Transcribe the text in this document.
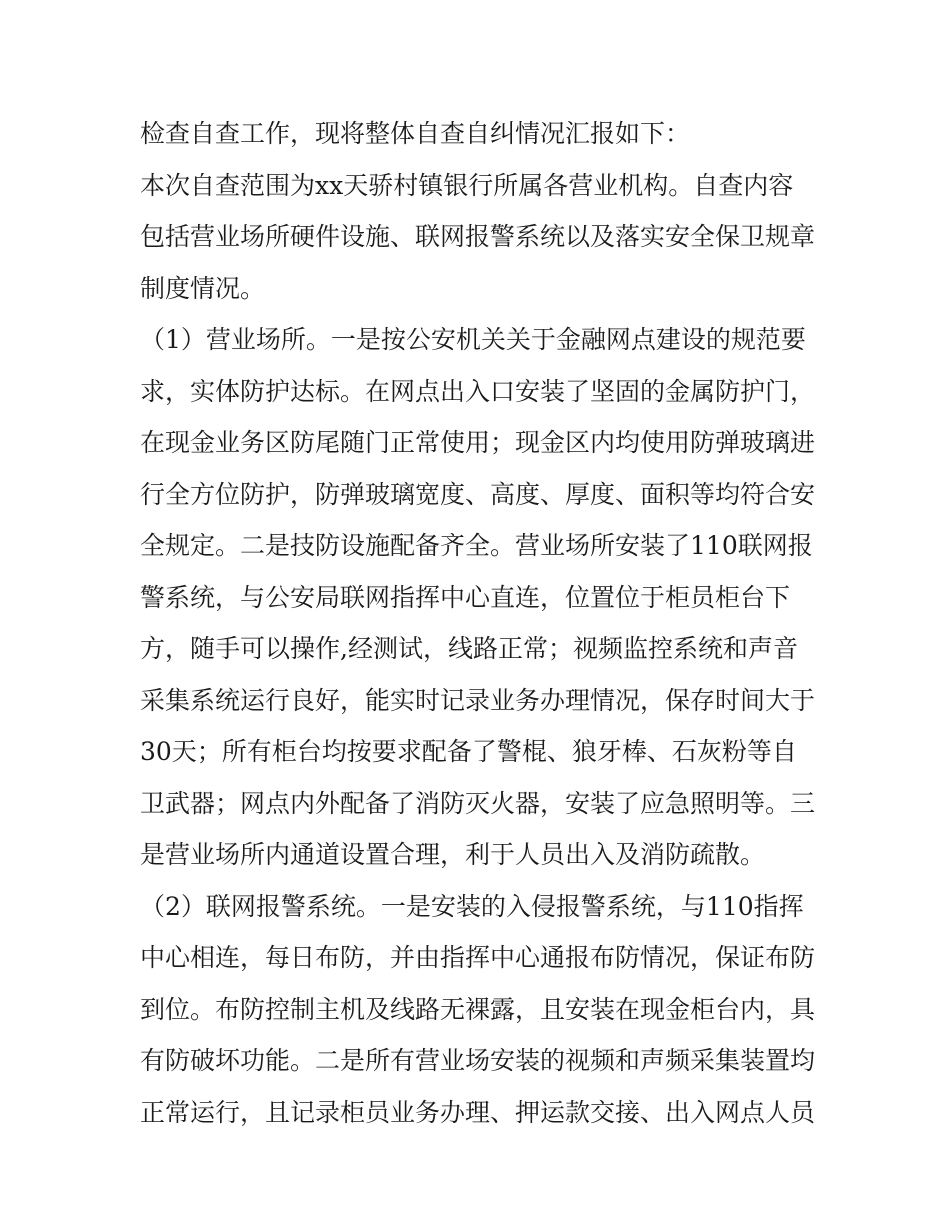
检查自查工作，现将整体自查自纠情况汇报如下：
本次自查范围为xx天骄村镇银行所属各营业机构。自查内容
包括营业场所硬件设施、联网报警系统以及落实安全保卫规章
制度情况。
（1）营业场所。一是按公安机关关于金融网点建设的规范要
求，实体防护达标。在网点出入口安装了坚固的金属防护门，
在现金业务区防尾随门正常使用；现金区内均使用防弹玻璃进
行全方位防护，防弹玻璃宽度、高度、厚度、面积等均符合安
全规定。二是技防设施配备齐全。营业场所安装了110联网报
警系统，与公安局联网指挥中心直连，位置位于柜员柜台下
方，随手可以操作,经测试，线路正常；视频监控系统和声音
采集系统运行良好，能实时记录业务办理情况，保存时间大于
30天；所有柜台均按要求配备了警棍、狼牙棒、石灰粉等自
卫武器；网点内外配备了消防灭火器，安装了应急照明等。三
是营业场所内通道设置合理，利于人员出入及消防疏散。
（2）联网报警系统。一是安装的入侵报警系统，与110指挥
中心相连，每日布防，并由指挥中心通报布防情况，保证布防
到位。布防控制主机及线路无裸露，且安装在现金柜台内，具
有防破坏功能。二是所有营业场安装的视频和声频采集装置均
正常运行，且记录柜员业务办理、押运款交接、出入网点人员
